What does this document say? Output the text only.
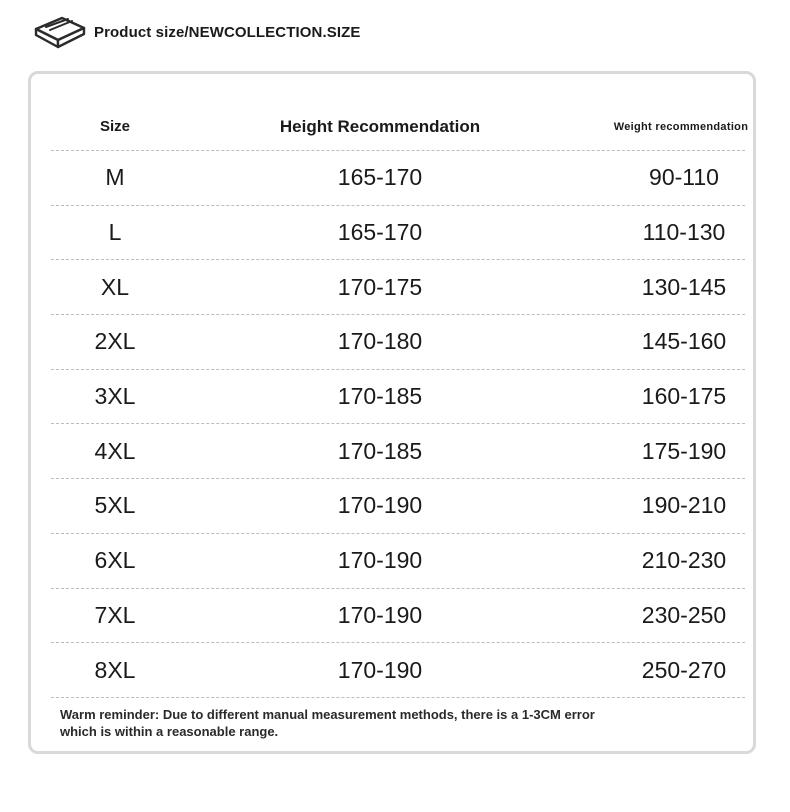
Product size/NEWCOLLECTION.SIZE
Size	Height Recommendation	Weight recommendation
M	165-170	90-110
L	165-170	110-130
XL	170-175	130-145
2XL	170-180	145-160
3XL	170-185	160-175
4XL	170-185	175-190
5XL	170-190	190-210
6XL	170-190	210-230
7XL	170-190	230-250
8XL	170-190	250-270
Warm reminder: Due to different manual measurement methods, there is a 1-3CM error
which is within a reasonable range.
